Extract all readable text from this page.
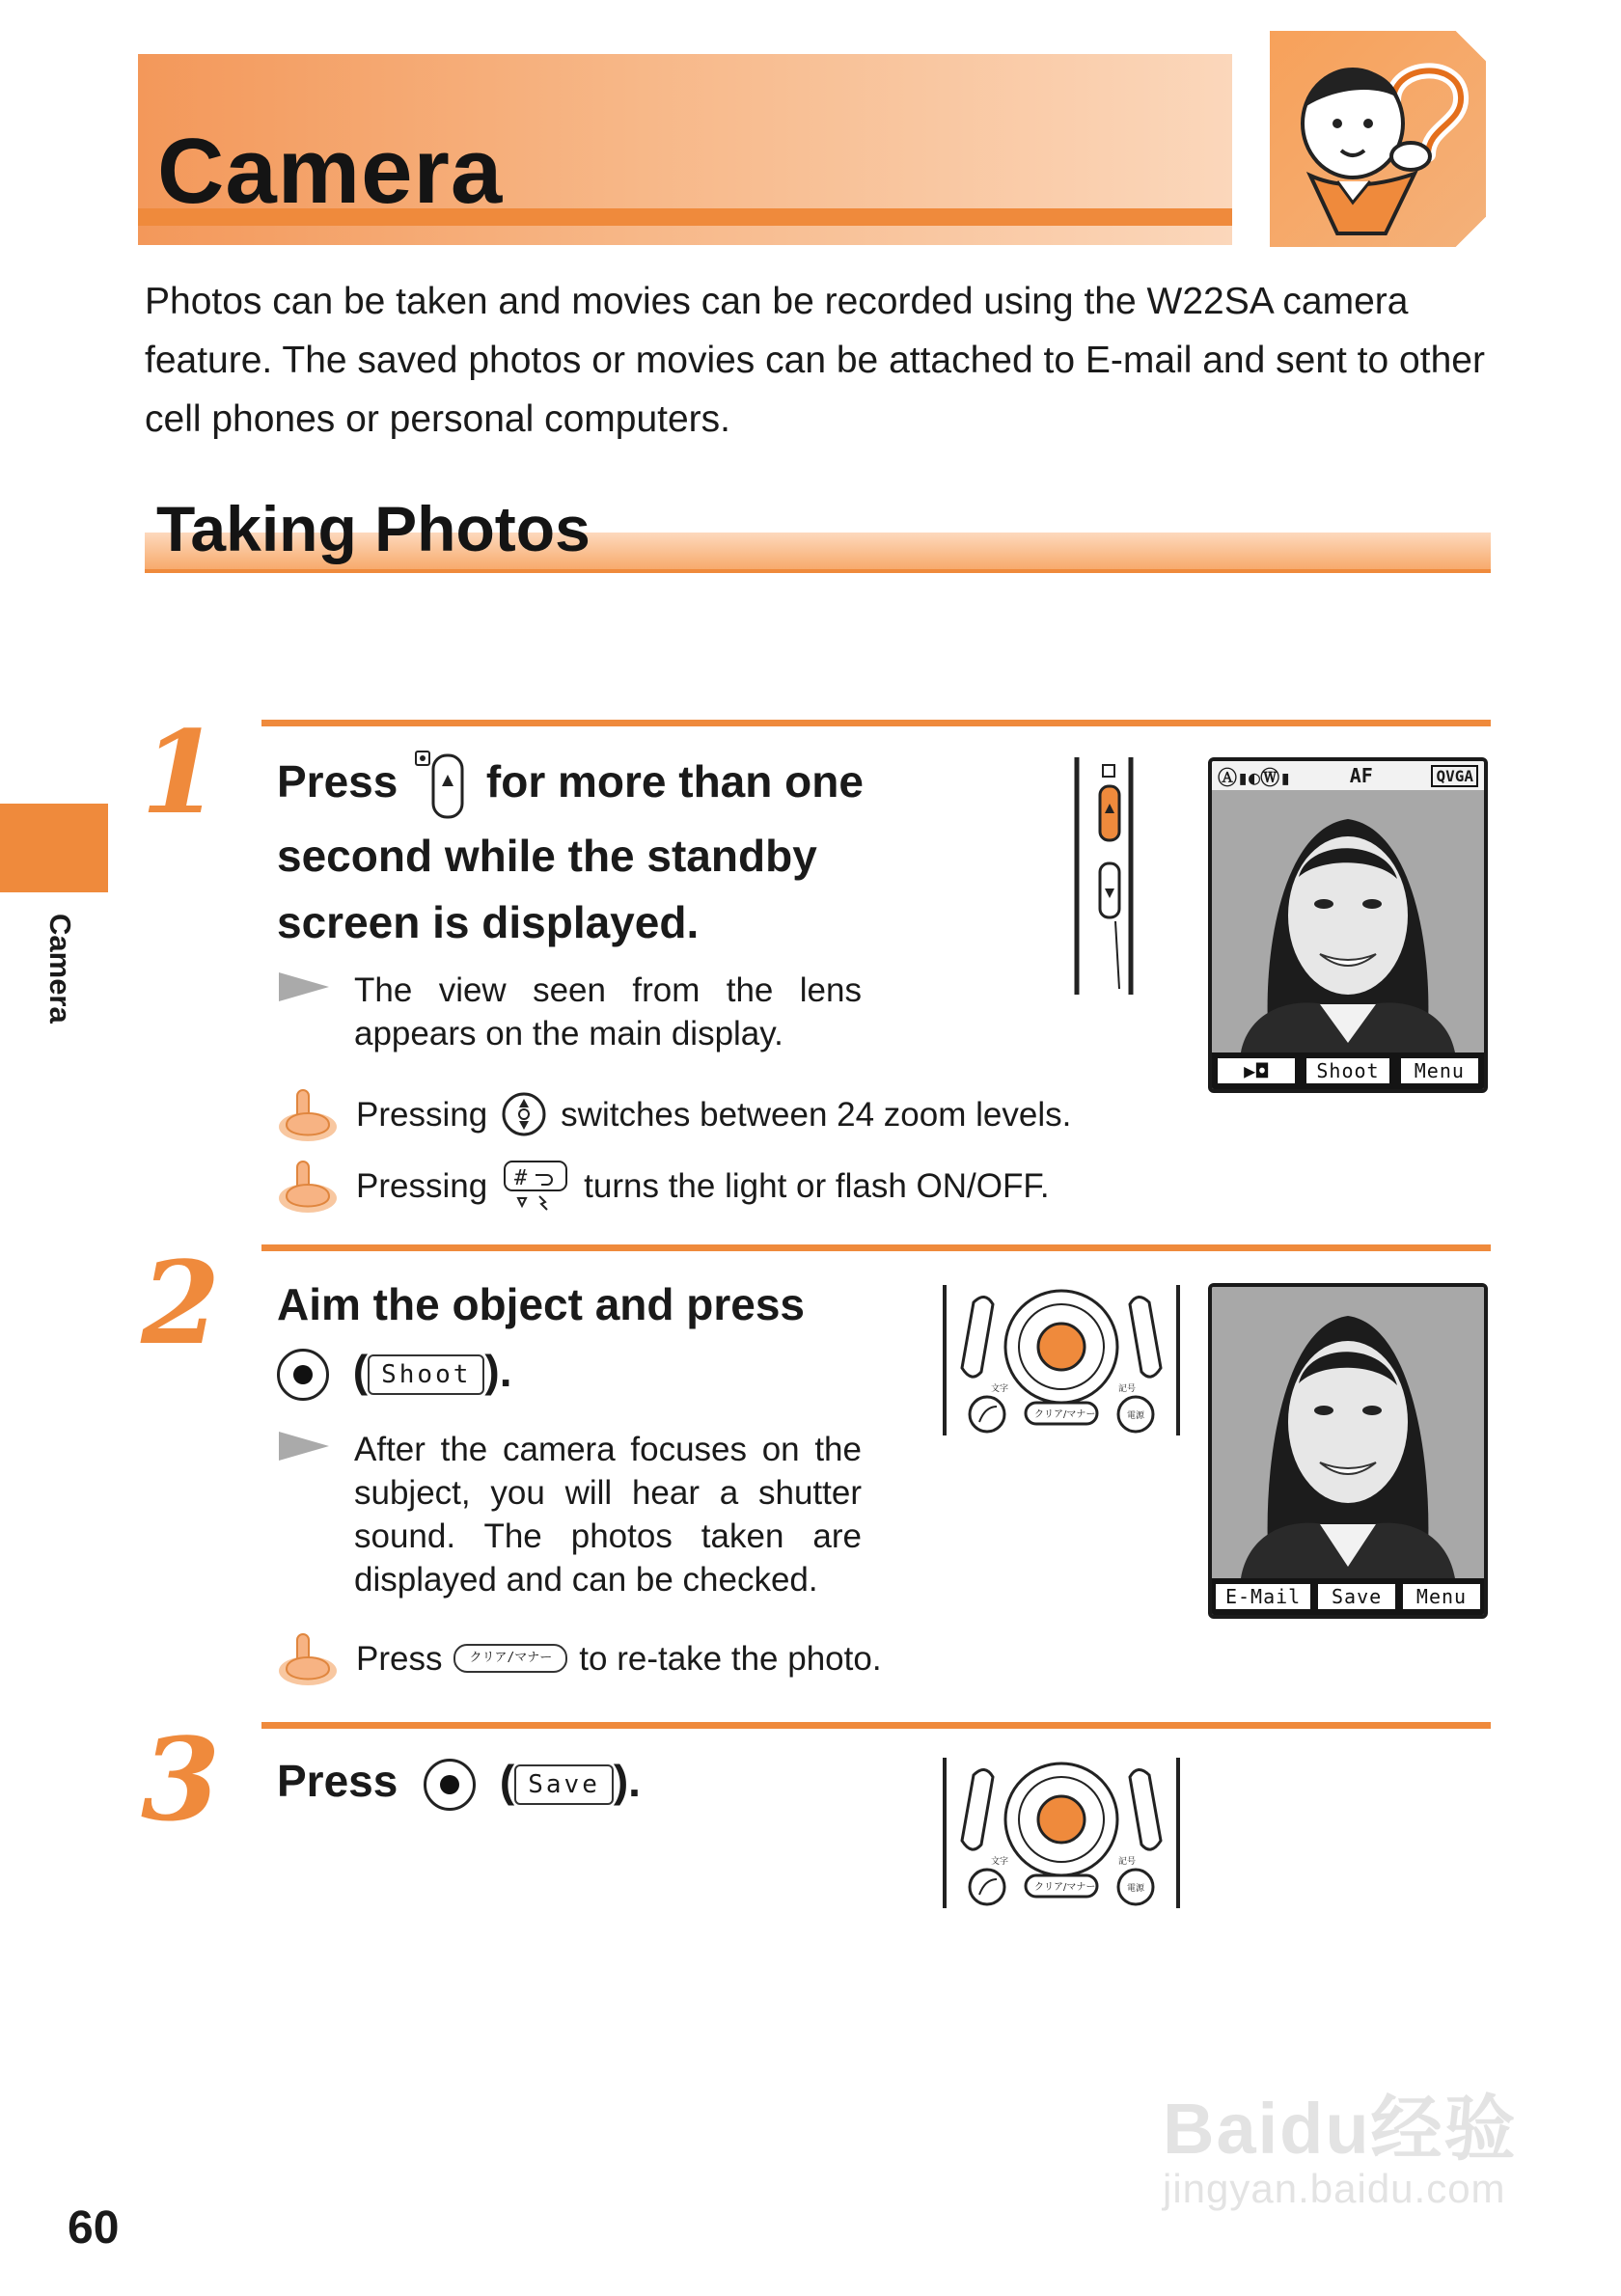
Camera
Photos can be taken and movies can be recorded using the W22SA camera feature. The saved photos or movies can be attached to E-mail and sent to other cell phones or personal computers.
Taking Photos
Camera
1 Press for more than one second while the standby screen is displayed.
The view seen from the lens appears on the main display.
Ⓐ▮◐Ⓦ▮	AF	QVGA
▶◘	Shoot	Menu
Pressing switches between 24 zoom levels.
Pressing # turns the light or flash ON/OFF.
2 Aim the object and press
( Shoot ).
After the camera focuses on the subject, you will hear a shutter sound. The photos taken are displayed and can be checked.
Press	クリア/マナー to re-take the photo.
文字	記号
クリア/マナー	電源
E-Mail	Save	Menu
3 Press ( Save ).
文字	記号
クリア/マナー	電源
60
Baidu经验
jingyan.baidu.com
